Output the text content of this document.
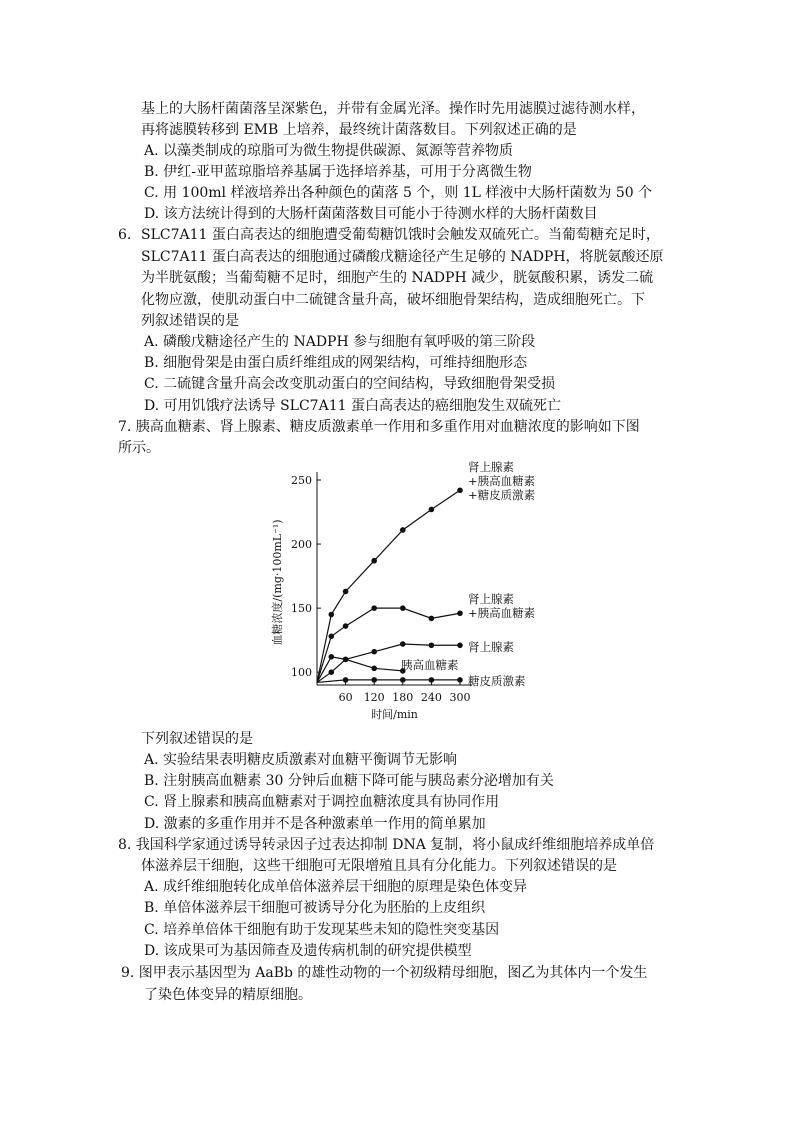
基上的大肠杆菌菌落呈深紫色，并带有金属光泽。操作时先用滤膜过滤待测水样，
再将滤膜转移到 EMB 上培养，最终统计菌落数目。下列叙述正确的是
A. 以藻类制成的琼脂可为微生物提供碳源、氮源等营养物质
B. 伊红-亚甲蓝琼脂培养基属于选择培养基，可用于分离微生物
C. 用 100ml 样液培养出各种颜色的菌落 5 个，则 1L 样液中大肠杆菌数为 50 个
D. 该方法统计得到的大肠杆菌菌落数目可能小于待测水样的大肠杆菌数目
6. SLC7A11 蛋白高表达的细胞遭受葡萄糖饥饿时会触发双硫死亡。当葡萄糖充足时，
SLC7A11 蛋白高表达的细胞通过磷酸戊糖途径产生足够的 NADPH，将胱氨酸还原
为半胱氨酸；当葡萄糖不足时，细胞产生的 NADPH 减少，胱氨酸积累，诱发二硫
化物应激，使肌动蛋白中二硫键含量升高，破坏细胞骨架结构，造成细胞死亡。下
列叙述错误的是
A. 磷酸戊糖途径产生的 NADPH 参与细胞有氧呼吸的第三阶段
B. 细胞骨架是由蛋白质纤维组成的网架结构，可维持细胞形态
C. 二硫键含量升高会改变肌动蛋白的空间结构，导致细胞骨架受损
D. 可用饥饿疗法诱导 SLC7A11 蛋白高表达的癌细胞发生双硫死亡
7. 胰高血糖素、肾上腺素、糖皮质激素单一作用和多重作用对血糖浓度的影响如下图
所示。
100
150
200
250
60 120 180 240 300
时间/min
血糖浓度/(mg·100mL⁻¹)
肾上腺素
+胰高血糖素
+糖皮质激素
肾上腺素
+胰高血糖素
肾上腺素
胰高血糖素
糖皮质激素
下列叙述错误的是
A. 实验结果表明糖皮质激素对血糖平衡调节无影响
B. 注射胰高血糖素 30 分钟后血糖下降可能与胰岛素分泌增加有关
C. 肾上腺素和胰高血糖素对于调控血糖浓度具有协同作用
D. 激素的多重作用并不是各种激素单一作用的简单累加
8. 我国科学家通过诱导转录因子过表达抑制 DNA 复制，将小鼠成纤维细胞培养成单倍
体滋养层干细胞，这些干细胞可无限增殖且具有分化能力。下列叙述错误的是
A. 成纤维细胞转化成单倍体滋养层干细胞的原理是染色体变异
B. 单倍体滋养层干细胞可被诱导分化为胚胎的上皮组织
C. 培养单倍体干细胞有助于发现某些未知的隐性突变基因
D. 该成果可为基因筛查及遗传病机制的研究提供模型
9. 图甲表示基因型为 AaBb 的雄性动物的一个初级精母细胞，图乙为其体内一个发生
了染色体变异的精原细胞。
